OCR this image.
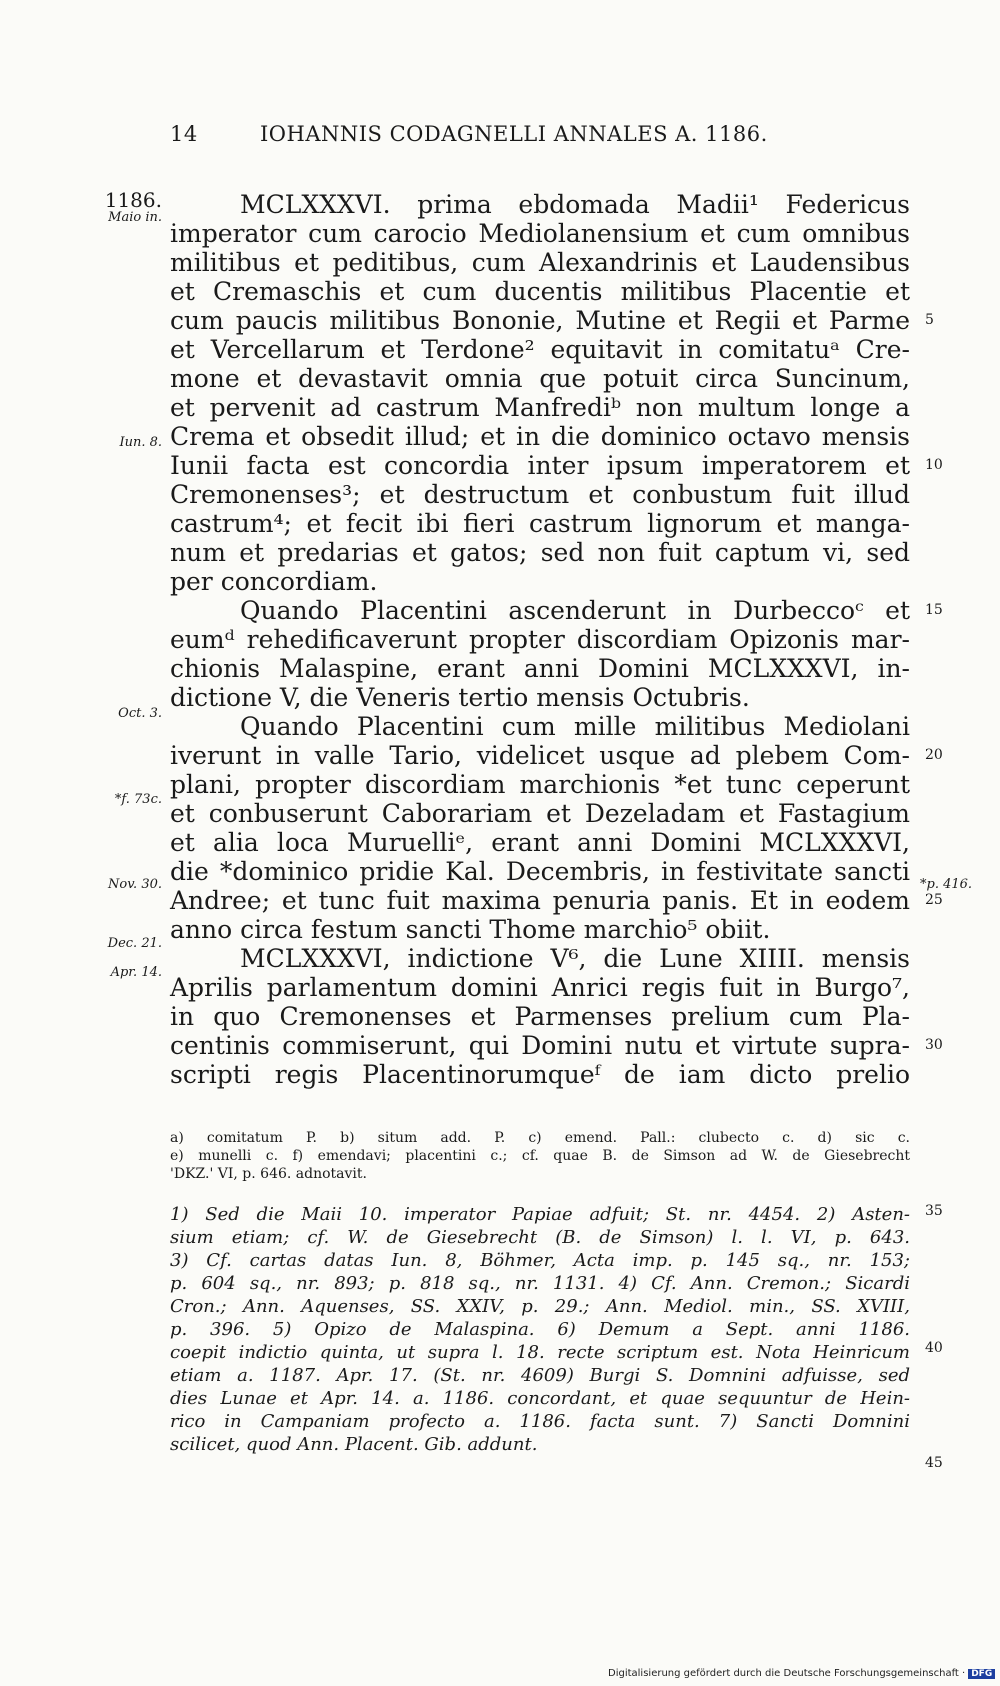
14	IOHANNIS CODAGNELLI ANNALES A. 1186.
1186.
Maio in.
Iun. 8.
Oct. 3.
*f. 73c.
Nov. 30.
Dec. 21.
Apr. 14.
*p. 416.
MCLXXXVI. prima ebdomada Madii¹ Federicus
imperator cum carocio Mediolanensium et cum omnibus
militibus et peditibus, cum Alexandrinis et Laudensibus
et Cremaschis et cum ducentis militibus Placentie et
cum paucis militibus Bononie, Mutine et Regii et Parme
et Vercellarum et Terdone² equitavit in comitatuᵃ Cre-
mone et devastavit omnia que potuit circa Suncinum,
et pervenit ad castrum Manfrediᵇ non multum longe a
Crema et obsedit illud; et in die dominico octavo mensis
Iunii facta est concordia inter ipsum imperatorem et
Cremonenses³; et destructum et conbustum fuit illud
castrum⁴; et fecit ibi fieri castrum lignorum et manga-
num et predarias et gatos; sed non fuit captum vi, sed
per concordiam.
Quando Placentini ascenderunt in Durbeccoᶜ et
eumᵈ rehedificaverunt propter discordiam Opizonis mar-
chionis Malaspine, erant anni Domini MCLXXXVI, in-
dictione V, die Veneris tertio mensis Octubris.
Quando Placentini cum mille militibus Mediolani
iverunt in valle Tario, videlicet usque ad plebem Com-
plani, propter discordiam marchionis *et tunc ceperunt
et conbuserunt Caborariam et Dezeladam et Fastagium
et alia loca Muruelliᵉ, erant anni Domini MCLXXXVI,
die *dominico pridie Kal. Decembris, in festivitate sancti
Andree; et tunc fuit maxima penuria panis. Et in eodem
anno circa festum sancti Thome marchio⁵ obiit.
MCLXXXVI, indictione V⁶, die Lune XIIII. mensis
Aprilis parlamentum domini Anrici regis fuit in Burgo⁷,
in quo Cremonenses et Parmenses prelium cum Pla-
centinis commiserunt, qui Domini nutu et virtute supra-
scripti regis Placentinorumqueᶠ de iam dicto prelio
5
10
15
20
25
30
35
40
45
a) comitatum P. b) situm add. P. c) emend. Pall.: clubecto c. d) sic c.
e) munelli c. f) emendavi; placentini c.; cf. quae B. de Simson ad W. de Giesebrecht
'DKZ.' VI, p. 646. adnotavit.
1) Sed die Maii 10. imperator Papiae adfuit; St. nr. 4454. 2) Asten-
sium etiam; cf. W. de Giesebrecht (B. de Simson) l. l. VI, p. 643.
3) Cf. cartas datas Iun. 8, Böhmer, Acta imp. p. 145 sq., nr. 153;
p. 604 sq., nr. 893; p. 818 sq., nr. 1131. 4) Cf. Ann. Cremon.; Sicardi
Cron.; Ann. Aquenses, SS. XXIV, p. 29.; Ann. Mediol. min., SS. XVIII,
p. 396. 5) Opizo de Malaspina. 6) Demum a Sept. anni 1186.
coepit indictio quinta, ut supra l. 18. recte scriptum est. Nota Heinricum
etiam a. 1187. Apr. 17. (St. nr. 4609) Burgi S. Domnini adfuisse, sed
dies Lunae et Apr. 14. a. 1186. concordant, et quae sequuntur de Hein-
rico in Campaniam profecto a. 1186. facta sunt. 7) Sancti Domnini
scilicet, quod Ann. Placent. Gib. addunt.
Digitalisierung gefördert durch die Deutsche Forschungsgemeinschaft · DFG
